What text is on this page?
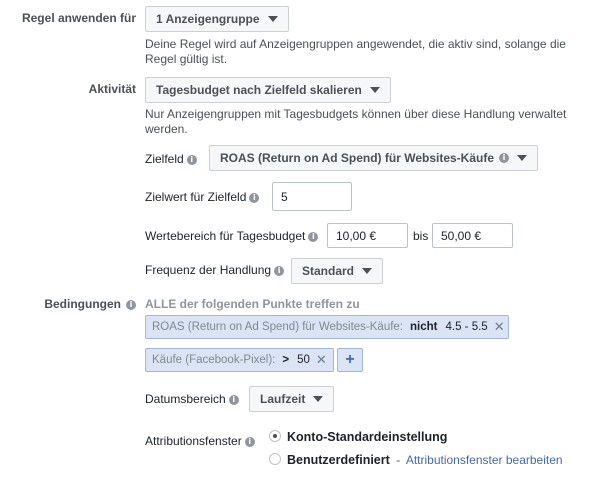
Regel anwenden für 1 Anzeigengruppe
Deine Regel wird auf Anzeigengruppen angewendet, die aktiv sind, solange die Regel gültig ist.
Aktivität Tagesbudget nach Zielfeld skalieren
Nur Anzeigengruppen mit Tagesbudgets können über diese Handlung verwaltet werden.
Zielfeld i	ROAS (Return on Ad Spend) für Websites-Käufe	i
Zielwert für Zielfeld i	5
Wertebereich für Tagesbudget i	10,00 €	bis 50,00 €
Frequenz der Handlung i	Standard
Bedingungen i	ALLE der folgenden Punkte treffen zu
ROAS (Return on Ad Spend) für Websites-Käufe: nicht 4.5 - 5.5 ✕
Käufe (Facebook-Pixel): > 50 ✕ +
Datumsbereich i	Laufzeit
Attributionsfenster i	Konto-Standardeinstellung
Benutzerdefiniert - Attributionsfenster bearbeiten
